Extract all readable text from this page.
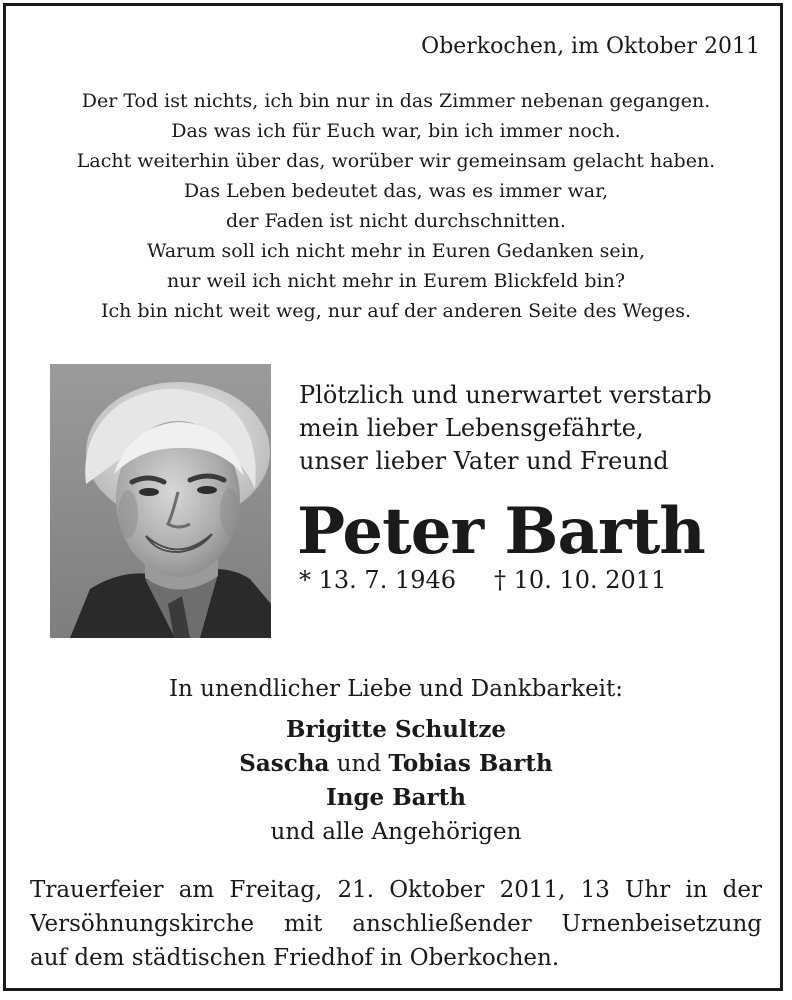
Oberkochen, im Oktober 2011
Der Tod ist nichts, ich bin nur in das Zimmer nebenan gegangen.
Das was ich für Euch war, bin ich immer noch.
Lacht weiterhin über das, worüber wir gemeinsam gelacht haben.
Das Leben bedeutet das, was es immer war,
der Faden ist nicht durchschnitten.
Warum soll ich nicht mehr in Euren Gedanken sein,
nur weil ich nicht mehr in Eurem Blickfeld bin?
Ich bin nicht weit weg, nur auf der anderen Seite des Weges.
Plötzlich und unerwartet verstarb
mein lieber Lebensgefährte,
unser lieber Vater und Freund
Peter Barth
* 13. 7. 1946 † 10. 10. 2011
In unendlicher Liebe und Dankbarkeit:
Brigitte Schultze
Sascha und Tobias Barth
Inge Barth
und alle Angehörigen
Trauerfeier am Freitag, 21. Oktober 2011, 13 Uhr in der
Versöhnungskirche mit anschließender Urnenbeisetzung
auf dem städtischen Friedhof in Oberkochen.
